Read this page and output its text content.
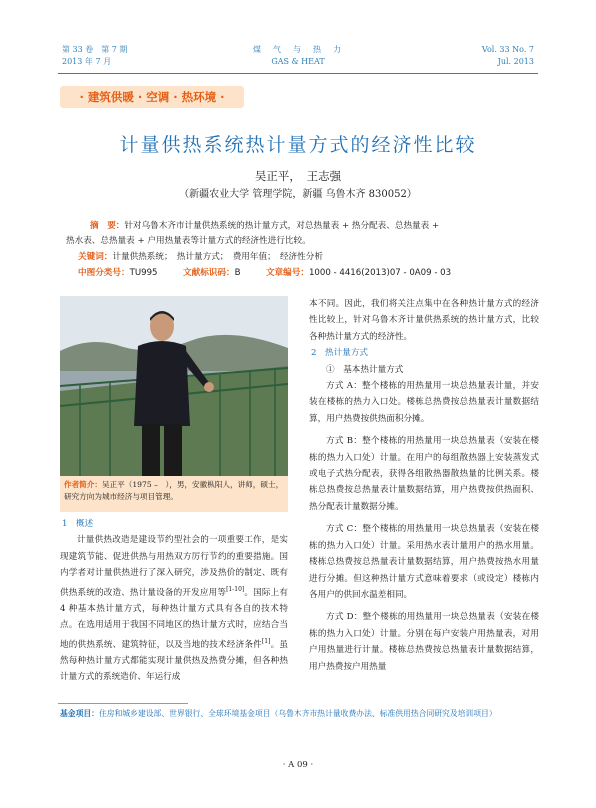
第 33 卷　第 7 期
2013 年 7 月
煤　气　与　热　力
GAS & HEAT
Vol. 33 No. 7
Jul. 2013
· 建筑供暖 · 空调 · 热环境 ·
计量供热系统热计量方式的经济性比较
吴正平，　王志强
（新疆农业大学 管理学院，新疆 乌鲁木齐 830052）
摘　要：针对乌鲁木齐市计量供热系统的热计量方式，对总热量表 + 热分配表、总热量表 +
热水表、总热量表 + 户用热量表等计量方式的经济性进行比较。
关键词：计量供热系统；　热计量方式；　费用年值；　经济性分析
中图分类号：TU995	文献标识码：B	文章编号：1000 - 4416(2013)07 - 0A09 - 03
作者简介：吴正平（1975 –　），男，安徽枞阳人，讲师，硕士，研究方向为城市经济与项目管理。

1　概述

计量供热改造是建设节约型社会的一项重要工作，是实现建筑节能、促进供热与用热双方厉行节约的重要措施。国内学者对计量供热进行了深入研究，涉及热价的制定、既有供热系统的改造、热计量设备的开发应用等[1-10]。国际上有 4 种基本热计量方式，每种热计量方式具有各自的技术特点。在选用适用于我国不同地区的热计量方式时，应结合当地的供热系统、建筑特征，以及当地的技术经济条件[1]。虽然每种热计量方式都能实现计量供热及热费分摊，但各种热计量方式的系统造价、年运行成

本不同。因此，我们将关注点集中在各种热计量方式的经济性比较上，针对乌鲁木齐计量供热系统的热计量方式，比较各种热计量方式的经济性。

2　热计量方式

①　基本热计量方式

方式 A：整个楼栋的用热量用一块总热量表计量，并安装在楼栋的热力入口处。楼栋总热费按总热量表计量数据结算，用户热费按供热面积分摊。

方式 B：整个楼栋的用热量用一块总热量表（安装在楼栋的热力入口处）计量。在用户的每组散热器上安装蒸发式或电子式热分配表，获得各组散热器散热量的比例关系。楼栋总热费按总热量表计量数据结算，用户热费按供热面积、热分配表计量数据分摊。

方式 C：整个楼栋的用热量用一块总热量表（安装在楼栋的热力入口处）计量。采用热水表计量用户的热水用量。楼栋总热费按总热量表计量数据结算，用户热费按热水用量进行分摊。但这种热计量方式意味着要求（或设定）楼栋内各用户的供回水温差相同。

方式 D：整个楼栋的用热量用一块总热量表（安装在楼栋的热力入口处）计量。分别在每户安装户用热量表，对用户用热量进行计量。楼栋总热费按总热量表计量数据结算，用户热费按户用热量

基金项目：住房和城乡建设部、世界银行、全球环境基金项目（乌鲁木齐市热计量收费办法、标准供用热合同研究及培训项目）
· A 09 ·
